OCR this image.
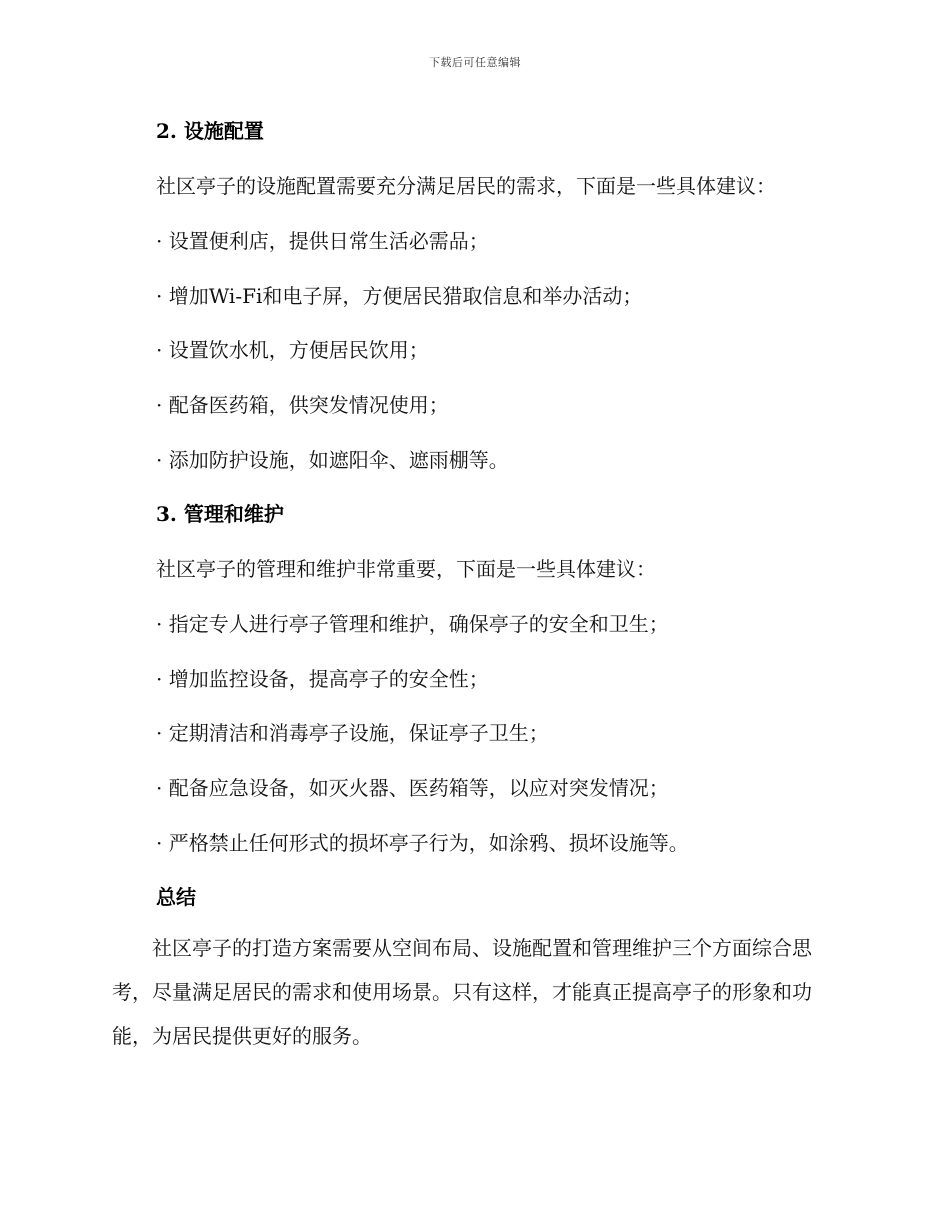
下载后可任意编辑
2. 设施配置
社区亭子的设施配置需要充分满足居民的需求，下面是一些具体建议：
· 设置便利店，提供日常生活必需品；
· 增加Wi-Fi和电子屏，方便居民猎取信息和举办活动；
· 设置饮水机，方便居民饮用；
· 配备医药箱，供突发情况使用；
· 添加防护设施，如遮阳伞、遮雨棚等。
3. 管理和维护
社区亭子的管理和维护非常重要，下面是一些具体建议：
· 指定专人进行亭子管理和维护，确保亭子的安全和卫生；
· 增加监控设备，提高亭子的安全性；
· 定期清洁和消毒亭子设施，保证亭子卫生；
· 配备应急设备，如灭火器、医药箱等，以应对突发情况；
· 严格禁止任何形式的损坏亭子行为，如涂鸦、损坏设施等。
总结
　　社区亭子的打造方案需要从空间布局、设施配置和管理维护三个方面综合思考，尽量满足居民的需求和使用场景。只有这样，才能真正提高亭子的形象和功能，为居民提供更好的服务。
